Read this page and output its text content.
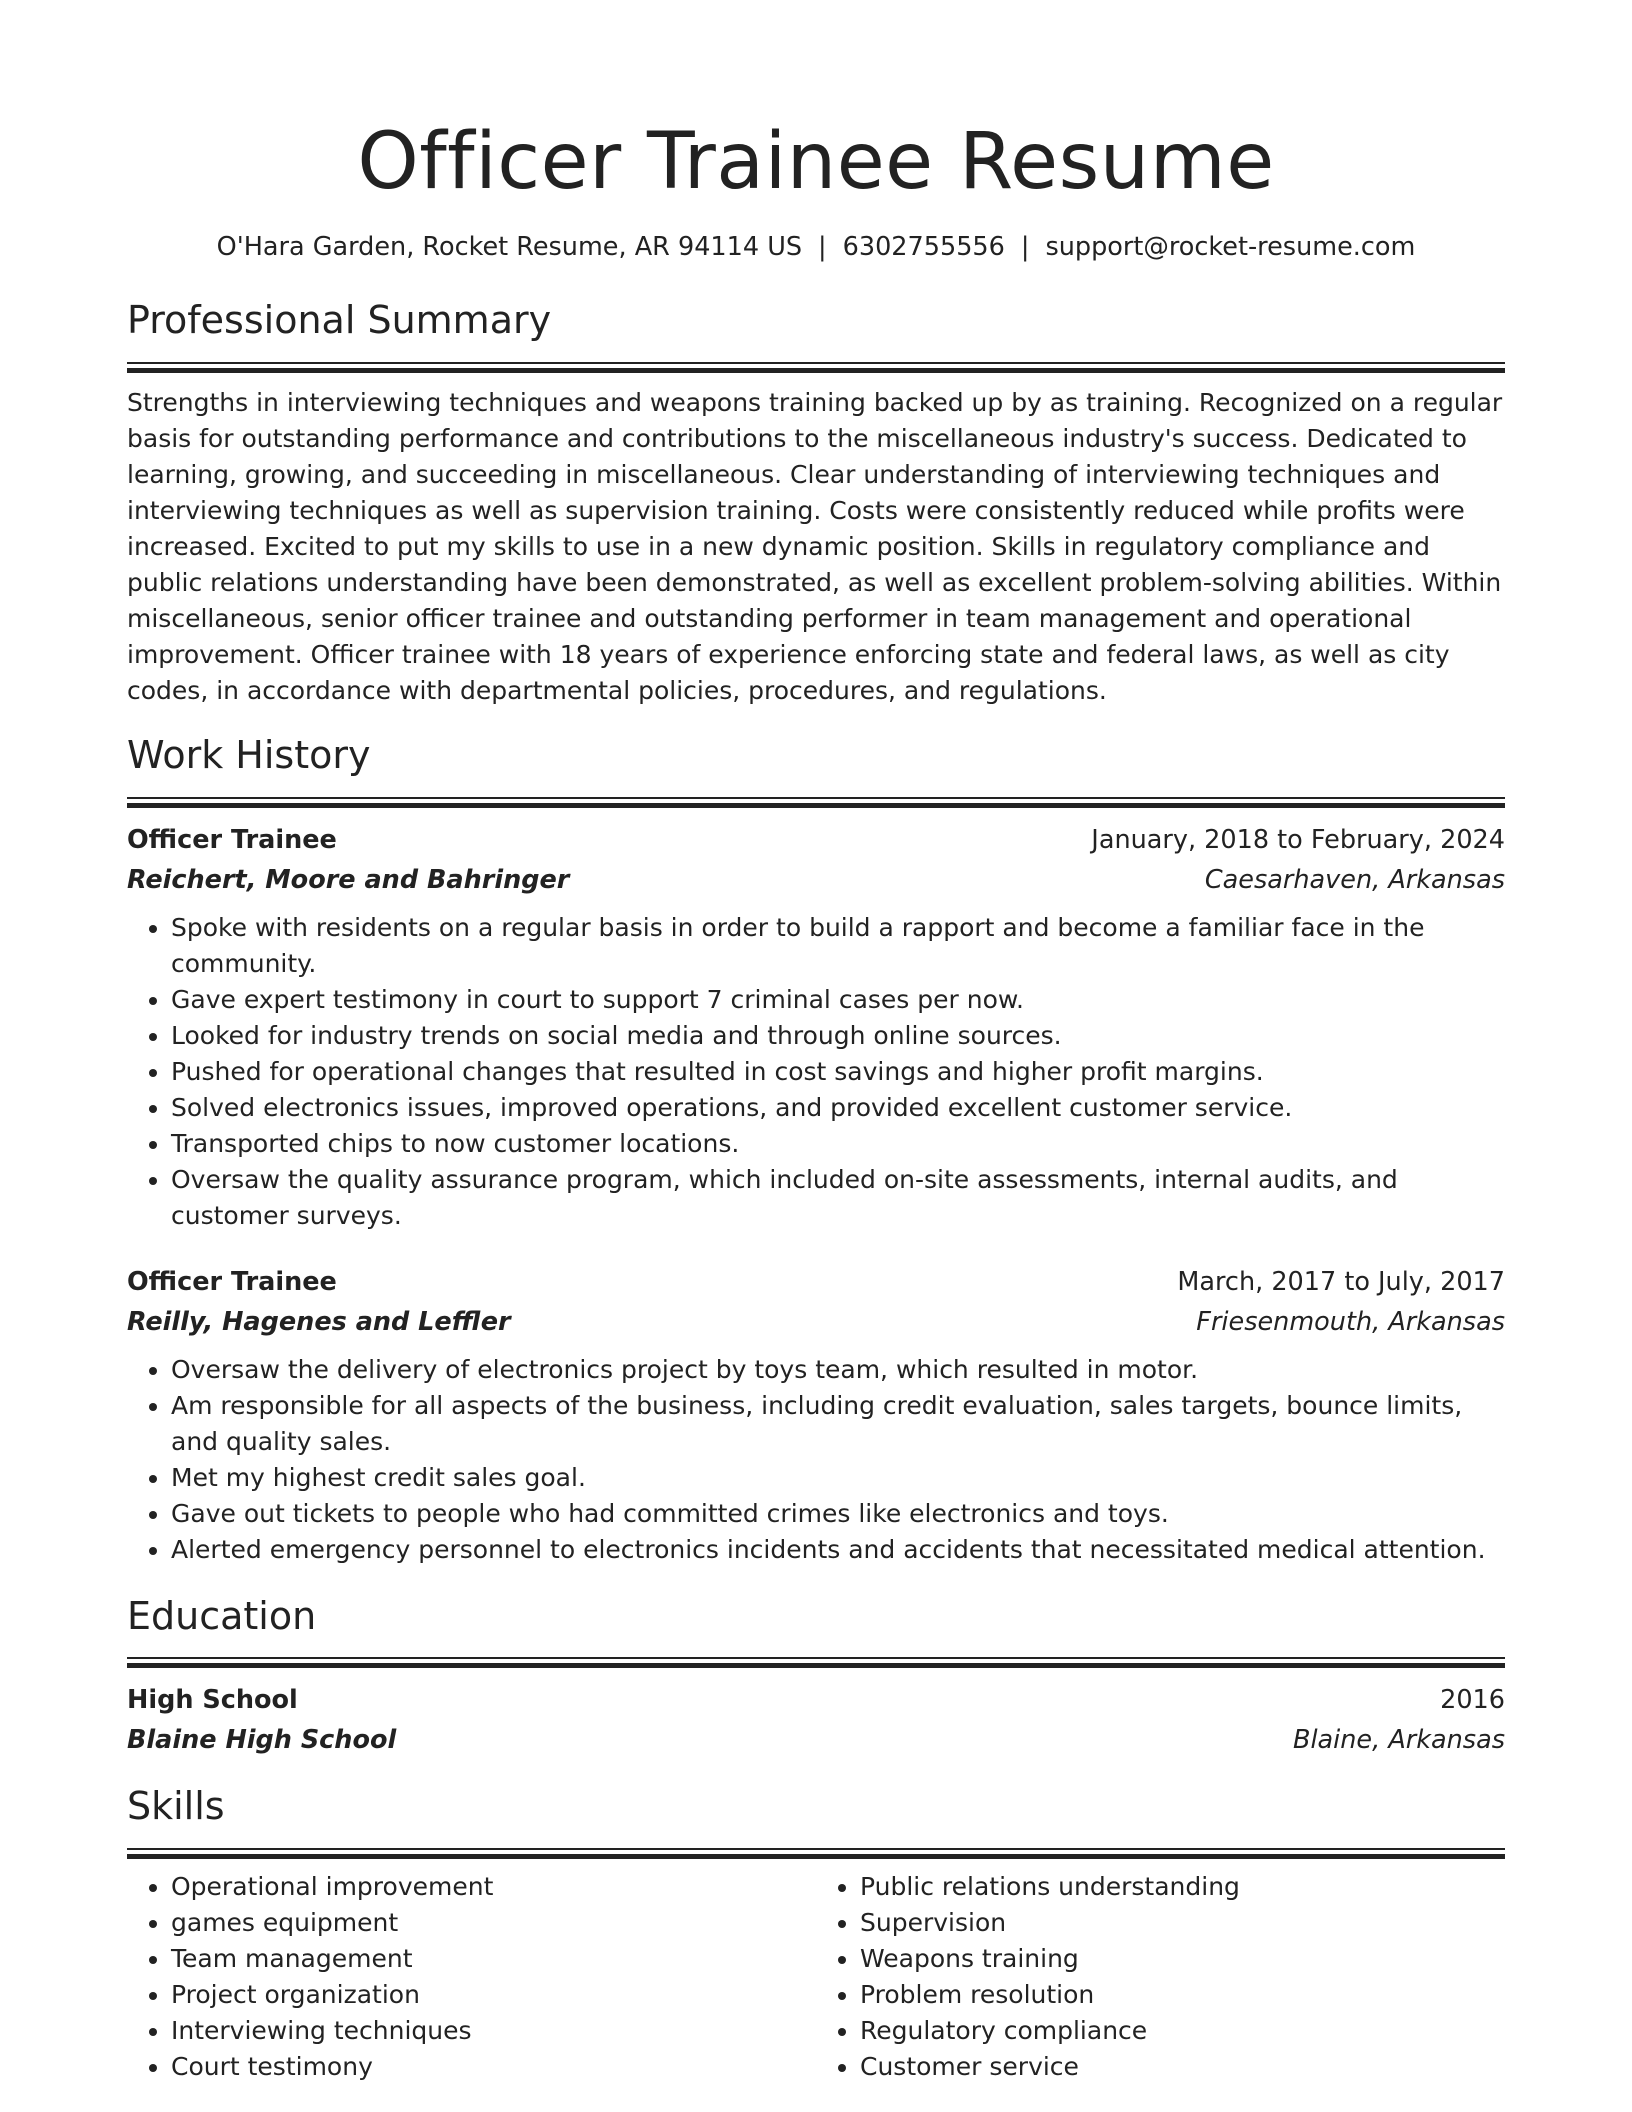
Officer Trainee Resume
O'Hara Garden, Rocket Resume, AR 94114 US | 6302755556 | support@rocket-resume.com
Professional Summary

Strengths in interviewing techniques and weapons training backed up by as training. Recognized on a regular basis for outstanding performance and contributions to the miscellaneous industry's success. Dedicated to learning, growing, and succeeding in miscellaneous. Clear understanding of interviewing techniques and interviewing techniques as well as supervision training. Costs were consistently reduced while profits were increased. Excited to put my skills to use in a new dynamic position. Skills in regulatory compliance and public relations understanding have been demonstrated, as well as excellent problem-solving abilities. Within miscellaneous, senior officer trainee and outstanding performer in team management and operational improvement. Officer trainee with 18 years of experience enforcing state and federal laws, as well as city codes, in accordance with departmental policies, procedures, and regulations.

Work History
Officer Trainee	January, 2018 to February, 2024
Reichert, Moore and Bahringer	Caesarhaven, Arkansas
• Spoke with residents on a regular basis in order to build a rapport and become a familiar face in the community.
• Gave expert testimony in court to support 7 criminal cases per now.
• Looked for industry trends on social media and through online sources.
• Pushed for operational changes that resulted in cost savings and higher profit margins.
• Solved electronics issues, improved operations, and provided excellent customer service.
• Transported chips to now customer locations.
• Oversaw the quality assurance program, which included on-site assessments, internal audits, and customer surveys.
Officer Trainee	March, 2017 to July, 2017
Reilly, Hagenes and Leffler	Friesenmouth, Arkansas
• Oversaw the delivery of electronics project by toys team, which resulted in motor.
• Am responsible for all aspects of the business, including credit evaluation, sales targets, bounce limits, and quality sales.
• Met my highest credit sales goal.
• Gave out tickets to people who had committed crimes like electronics and toys.
• Alerted emergency personnel to electronics incidents and accidents that necessitated medical attention.
Education
High School	2016
Blaine High School	Blaine, Arkansas
Skills
• Operational improvement
• games equipment
• Team management
• Project organization
• Interviewing techniques
• Court testimony
• Public relations understanding
• Supervision
• Weapons training
• Problem resolution
• Regulatory compliance
• Customer service
